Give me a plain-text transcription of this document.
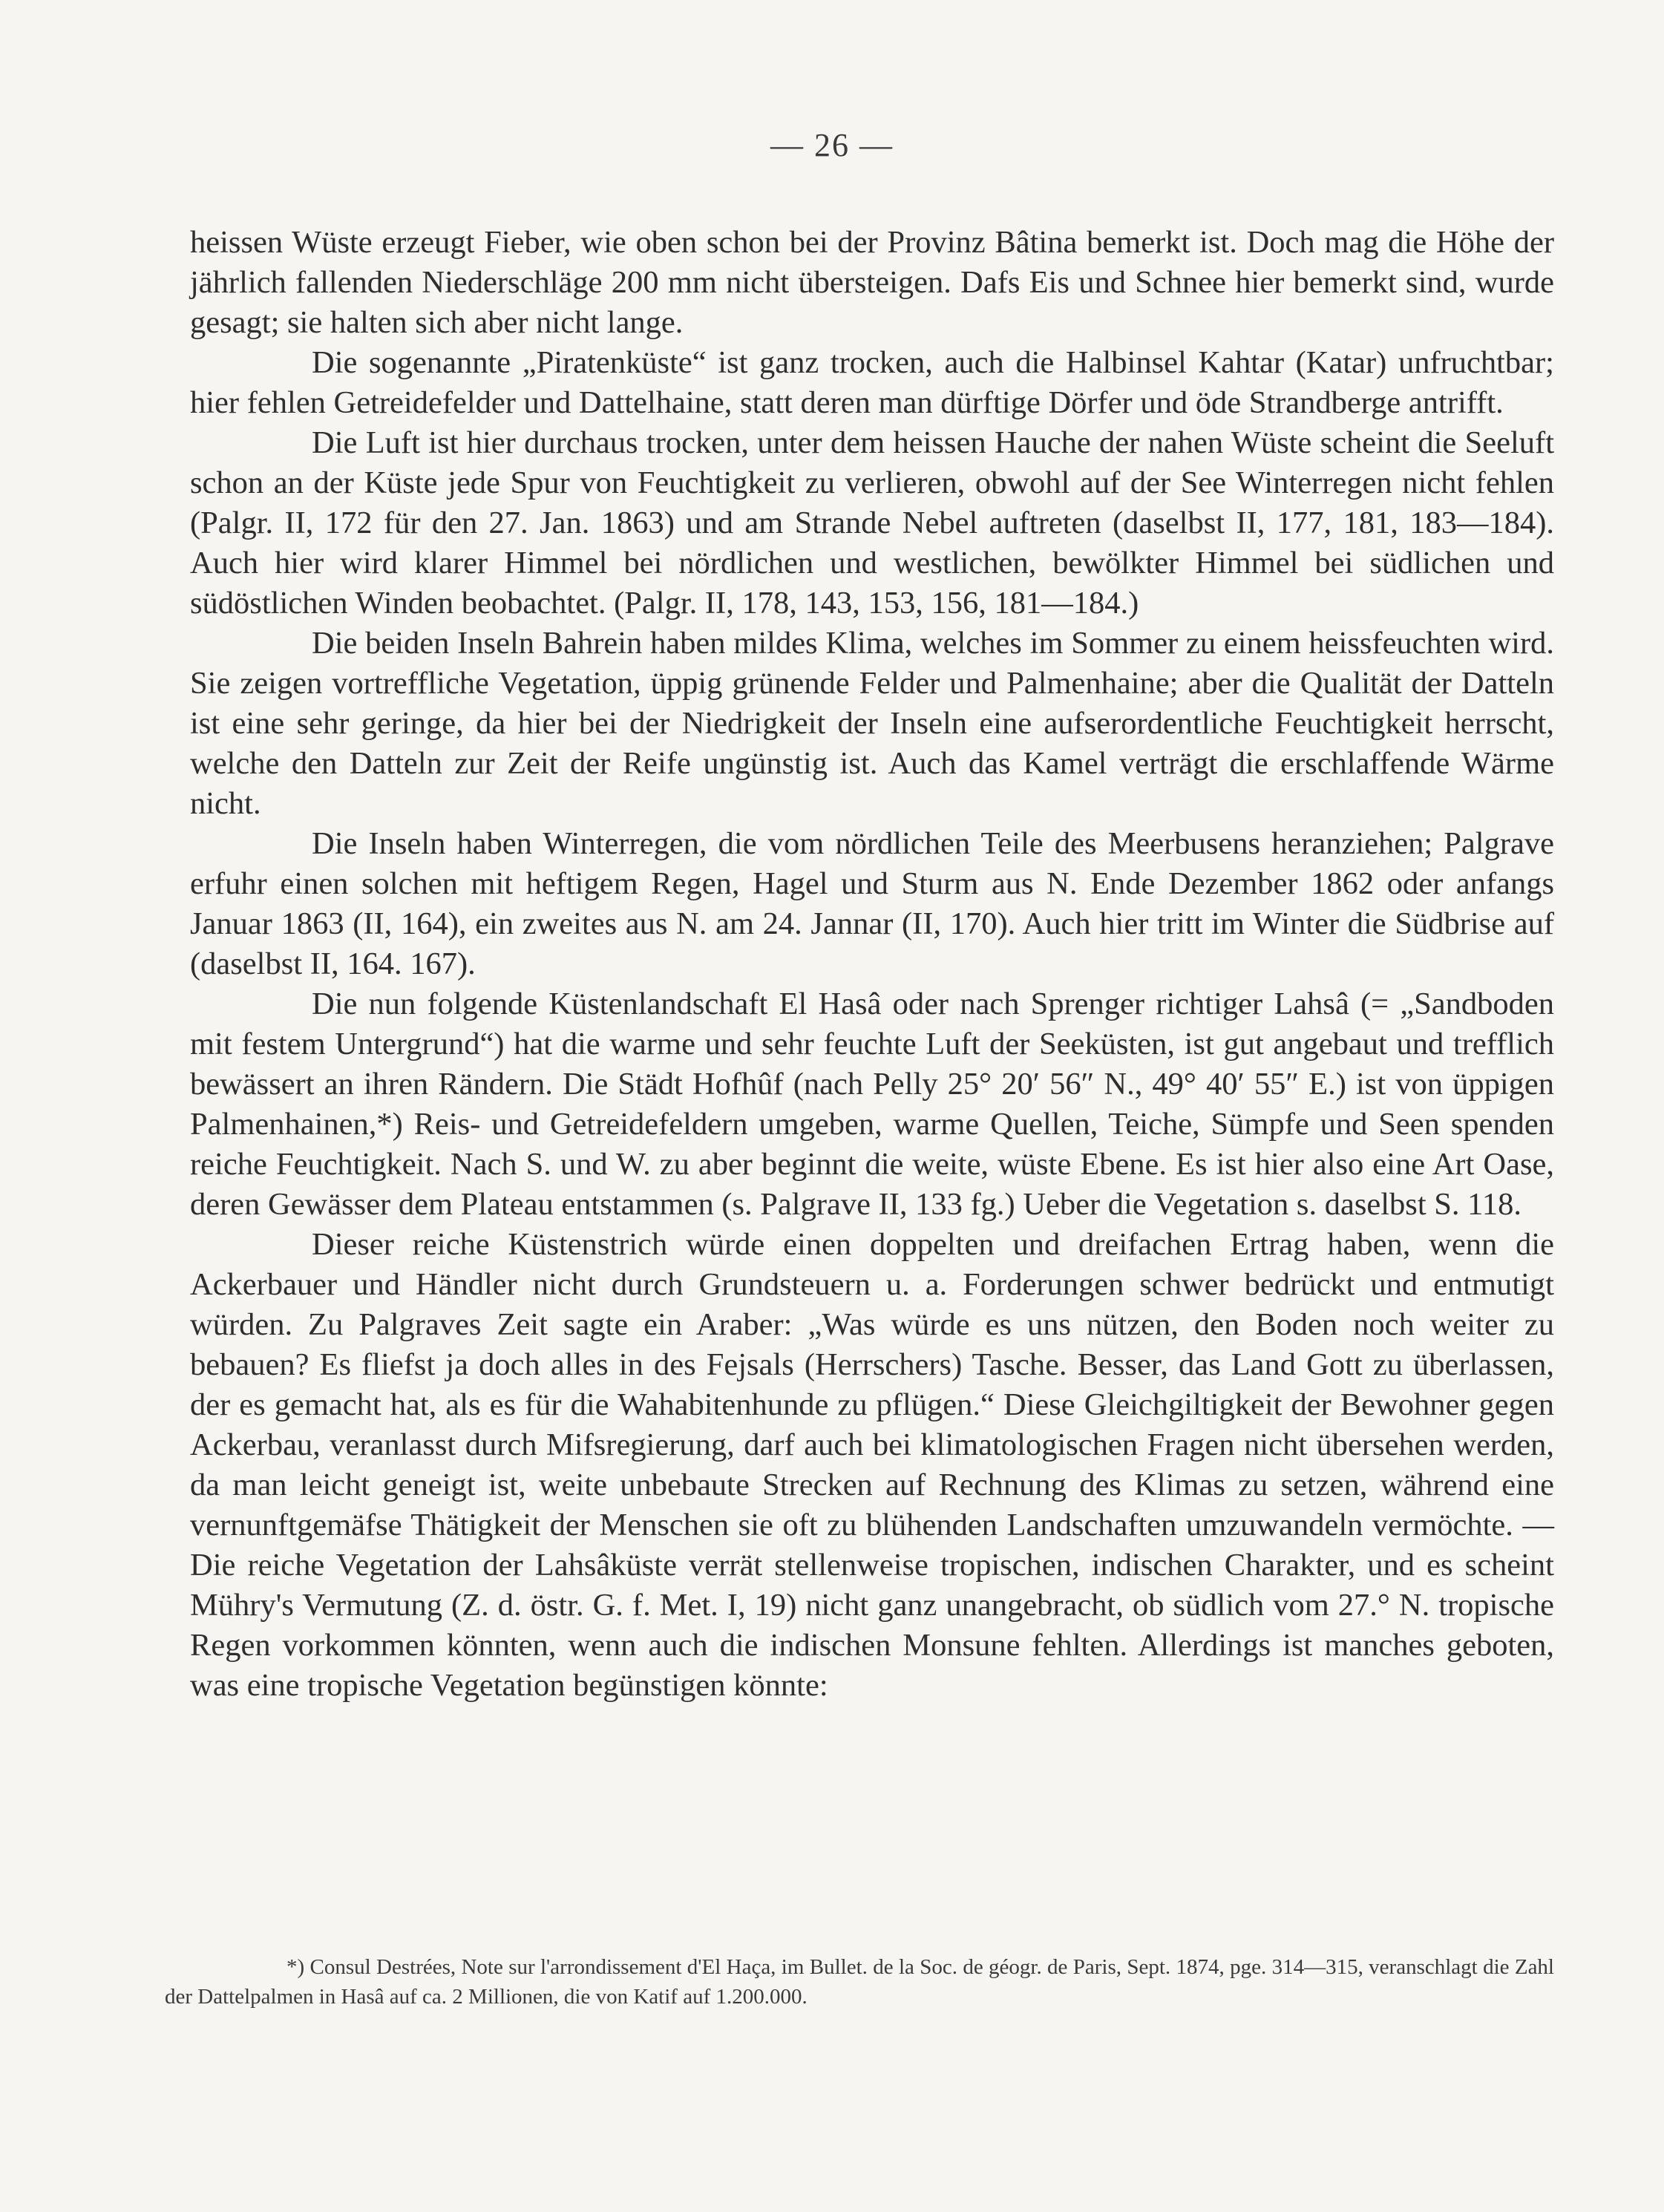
— 26 —

heissen Wüste erzeugt Fieber, wie oben schon bei der Provinz Bâtina bemerkt ist. Doch mag die Höhe der jährlich fallenden Niederschläge 200 mm nicht übersteigen. Dafs Eis und Schnee hier bemerkt sind, wurde gesagt; sie halten sich aber nicht lange.

Die sogenannte „Piratenküste“ ist ganz trocken, auch die Halbinsel Kahtar (Katar) unfruchtbar; hier fehlen Getreidefelder und Dattelhaine, statt deren man dürftige Dörfer und öde Strandberge antrifft.

Die Luft ist hier durchaus trocken, unter dem heissen Hauche der nahen Wüste scheint die Seeluft schon an der Küste jede Spur von Feuchtigkeit zu verlieren, obwohl auf der See Winterregen nicht fehlen (Palgr. II, 172 für den 27. Jan. 1863) und am Strande Nebel auftreten (daselbst II, 177, 181, 183—184). Auch hier wird klarer Himmel bei nördlichen und westlichen, bewölkter Himmel bei südlichen und südöstlichen Winden beobachtet. (Palgr. II, 178, 143, 153, 156, 181—184.)

Die beiden Inseln Bahrein haben mildes Klima, welches im Sommer zu einem heissfeuchten wird. Sie zeigen vortreffliche Vegetation, üppig grünende Felder und Palmenhaine; aber die Qualität der Datteln ist eine sehr geringe, da hier bei der Niedrigkeit der Inseln eine aufserordentliche Feuchtigkeit herrscht, welche den Datteln zur Zeit der Reife ungünstig ist. Auch das Kamel verträgt die erschlaffende Wärme nicht.

Die Inseln haben Winterregen, die vom nördlichen Teile des Meerbusens heranziehen; Palgrave erfuhr einen solchen mit heftigem Regen, Hagel und Sturm aus N. Ende Dezember 1862 oder anfangs Januar 1863 (II, 164), ein zweites aus N. am 24. Jannar (II, 170). Auch hier tritt im Winter die Südbrise auf (daselbst II, 164. 167).

Die nun folgende Küstenlandschaft El Hasâ oder nach Sprenger richtiger Lahsâ (= „Sandboden mit festem Untergrund“) hat die warme und sehr feuchte Luft der Seeküsten, ist gut angebaut und trefflich bewässert an ihren Rändern. Die Städt Hofhûf (nach Pelly 25° 20′ 56″ N., 49° 40′ 55″ E.) ist von üppigen Palmenhainen,*) Reis- und Getreidefeldern umgeben, warme Quellen, Teiche, Sümpfe und Seen spenden reiche Feuchtigkeit. Nach S. und W. zu aber beginnt die weite, wüste Ebene. Es ist hier also eine Art Oase, deren Gewässer dem Plateau entstammen (s. Palgrave II, 133 fg.) Ueber die Vegetation s. daselbst S. 118.

Dieser reiche Küstenstrich würde einen doppelten und dreifachen Ertrag haben, wenn die Ackerbauer und Händler nicht durch Grundsteuern u. a. Forderungen schwer bedrückt und entmutigt würden. Zu Palgraves Zeit sagte ein Araber: „Was würde es uns nützen, den Boden noch weiter zu bebauen? Es fliefst ja doch alles in des Fejsals (Herrschers) Tasche. Besser, das Land Gott zu überlassen, der es gemacht hat, als es für die Wahabitenhunde zu pflügen.“ Diese Gleichgiltigkeit der Bewohner gegen Ackerbau, veranlasst durch Mifsregierung, darf auch bei klimatologischen Fragen nicht übersehen werden, da man leicht geneigt ist, weite unbebaute Strecken auf Rechnung des Klimas zu setzen, während eine vernunftgemäfse Thätigkeit der Menschen sie oft zu blühenden Landschaften umzuwandeln vermöchte. — Die reiche Vegetation der Lahsâküste verrät stellenweise tropischen, indischen Charakter, und es scheint Mühry's Vermutung (Z. d. östr. G. f. Met. I, 19) nicht ganz unangebracht, ob südlich vom 27.° N. tropische Regen vorkommen könnten, wenn auch die indischen Monsune fehlten. Allerdings ist manches geboten, was eine tropische Vegetation begünstigen könnte:

*) Consul Destrées, Note sur l'arrondissement d'El Haça, im Bullet. de la Soc. de géogr. de Paris, Sept. 1874, pge. 314—315, veranschlagt die Zahl der Dattelpalmen in Hasâ auf ca. 2 Millionen, die von Katif auf 1.200.000.
